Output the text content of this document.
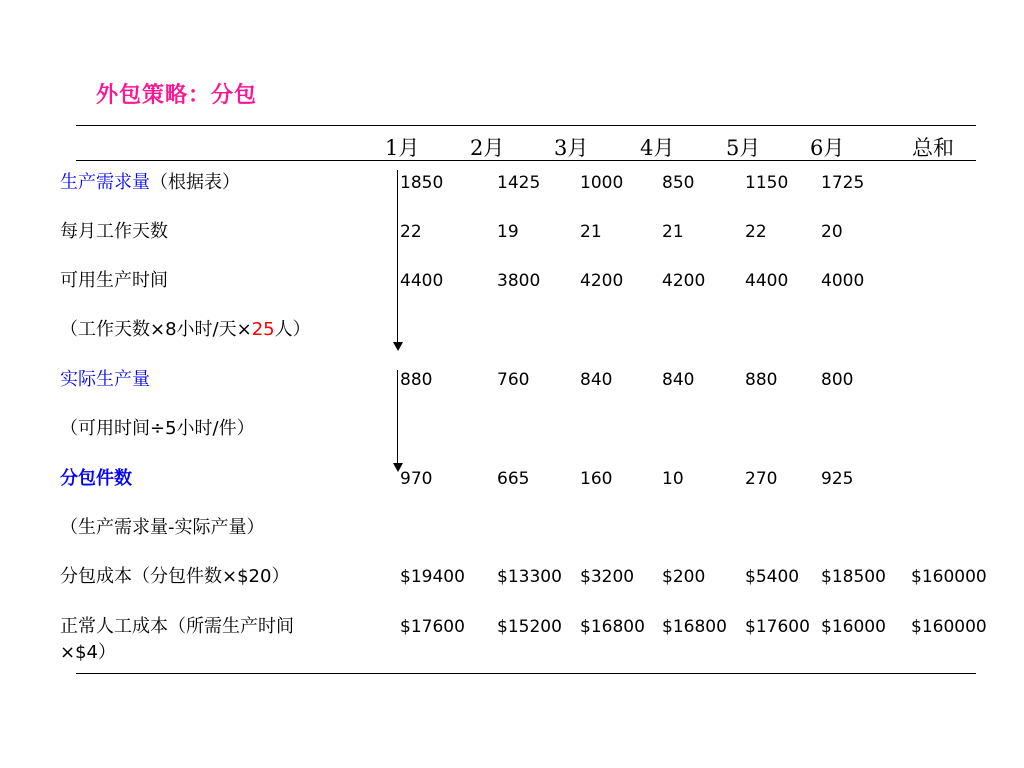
外包策略：分包
1月 2月 3月 4月 5月 6月	总和
生产需求量（根据表）	1850	1425 1000 850	1150 1725
每月工作天数	22	19	21	21	22	20
可用生产时间	4400	3800 4200 4200 4400 4000
（工作天数×8小时/天×25人）
实际生产量	880	760	840	840	880	800
（可用时间÷5小时/件）
分包件数	970	665	160	10	270	925
（生产需求量-实际产量）
分包成本（分包件数×$20）	$19400 $13300 $3200 $200 $5400 $18500 $160000
正常人工成本（所需生产时间
×$4）
$17600 $15200 $16800 $16800 $17600 $16000 $160000
